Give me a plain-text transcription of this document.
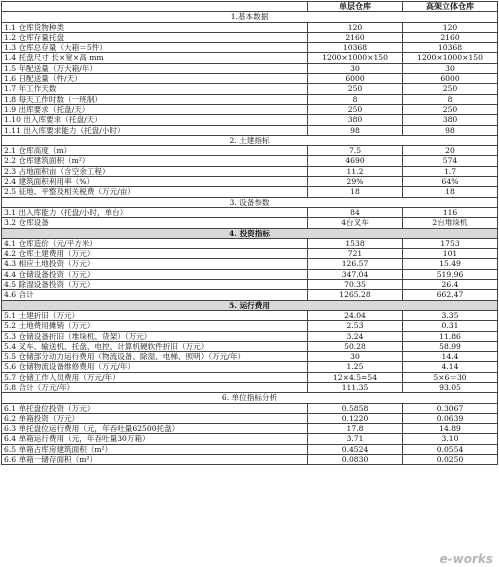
	单层仓库	高架立体仓库
1.基本数据		
1.1 仓库货物种类	120	120
1.2 仓库存量托盘	2160	2160
1.3 仓库总存量（大箱＝5件）	10368	10368
1.4 托盘尺寸 长×宽×高 mm	1200×1000×150	1200×1000×150
1.5 年配送量（万大箱/年）	30	30
1.6 日配送量（件/天）	6000	6000
1.7 年工作天数	250	250
1.8 每天工作时数（一班制）	8	8
1.9 出库要求（托盘/天）	250	250
1.10 出入库要求（托盘/天）	380	380
1.11 出入库要求能力（托盘/小时）	98	98
2. 土建指标		
2.1 仓库高度（m）	7.5	20
2.2 仓库建筑面积（m²）	4690	574
2.3 占地面积亩（含空余工程）	11.2	1.7
2.4 建筑面积利用率（%）	29%	64%
2.5 征地、平整及相关税费（万元/亩）	18	18
3. 设备参数		
3.1 出入库能力（托盘/小时，单台）	84	116
3.2 仓库设备	4台叉车	2台堆垛机
4. 投资指标		
4.1 仓库造价（元/平方米）	1538	1753
4.2 仓库土建费用（万元）	721	101
4.3 相应土地投资（万元）	126.57	15.49
4.4 仓储设备投资（万元）	347.04	519.96
4.5 除湿设备投资（万元）	70.35	26.4
4.6 合计	1265.28	662.47
5. 运行费用		
5.1 土建折旧（万元）	24.04	3.35
5.2 土地费用摊销（万元）	2.53	0.31
5.3 仓储设备折旧（堆垛机、货架）（万元）	3.24	11.86
5.4 叉车、输送机、托盘、电控、计算机硬软件折旧（万元）	50.28	58.99
5.5 仓储部分动力运行费用（物流设备、除湿、电梯、照明）（万元/年）	30	14.4
5.6 仓储物流设备维修费用（万元/年）	1.25	4.14
5.7 仓储工作人员费用（万元/年）	12×4.5=54	5×6＝30
5.8 合计（万元/年）	111.35	93.05
6. 单位指标分析		
6.1 单托盘位投资（万元）	0.5858	0.3067
6.2 单箱投资（万元）	0.1220	0.0639
6.3 单托盘位运行费用（元，年吞吐量62500托盘）	17.8	14.89
6.4 单箱运行费用（元，年吞吐量30万箱）	3.71	3.10
6.5 单箱占库房建筑面积（m²）	0.4524	0.0554
6.6 单箱一储存面积（m²）	0.0830	0.0250
e-works
